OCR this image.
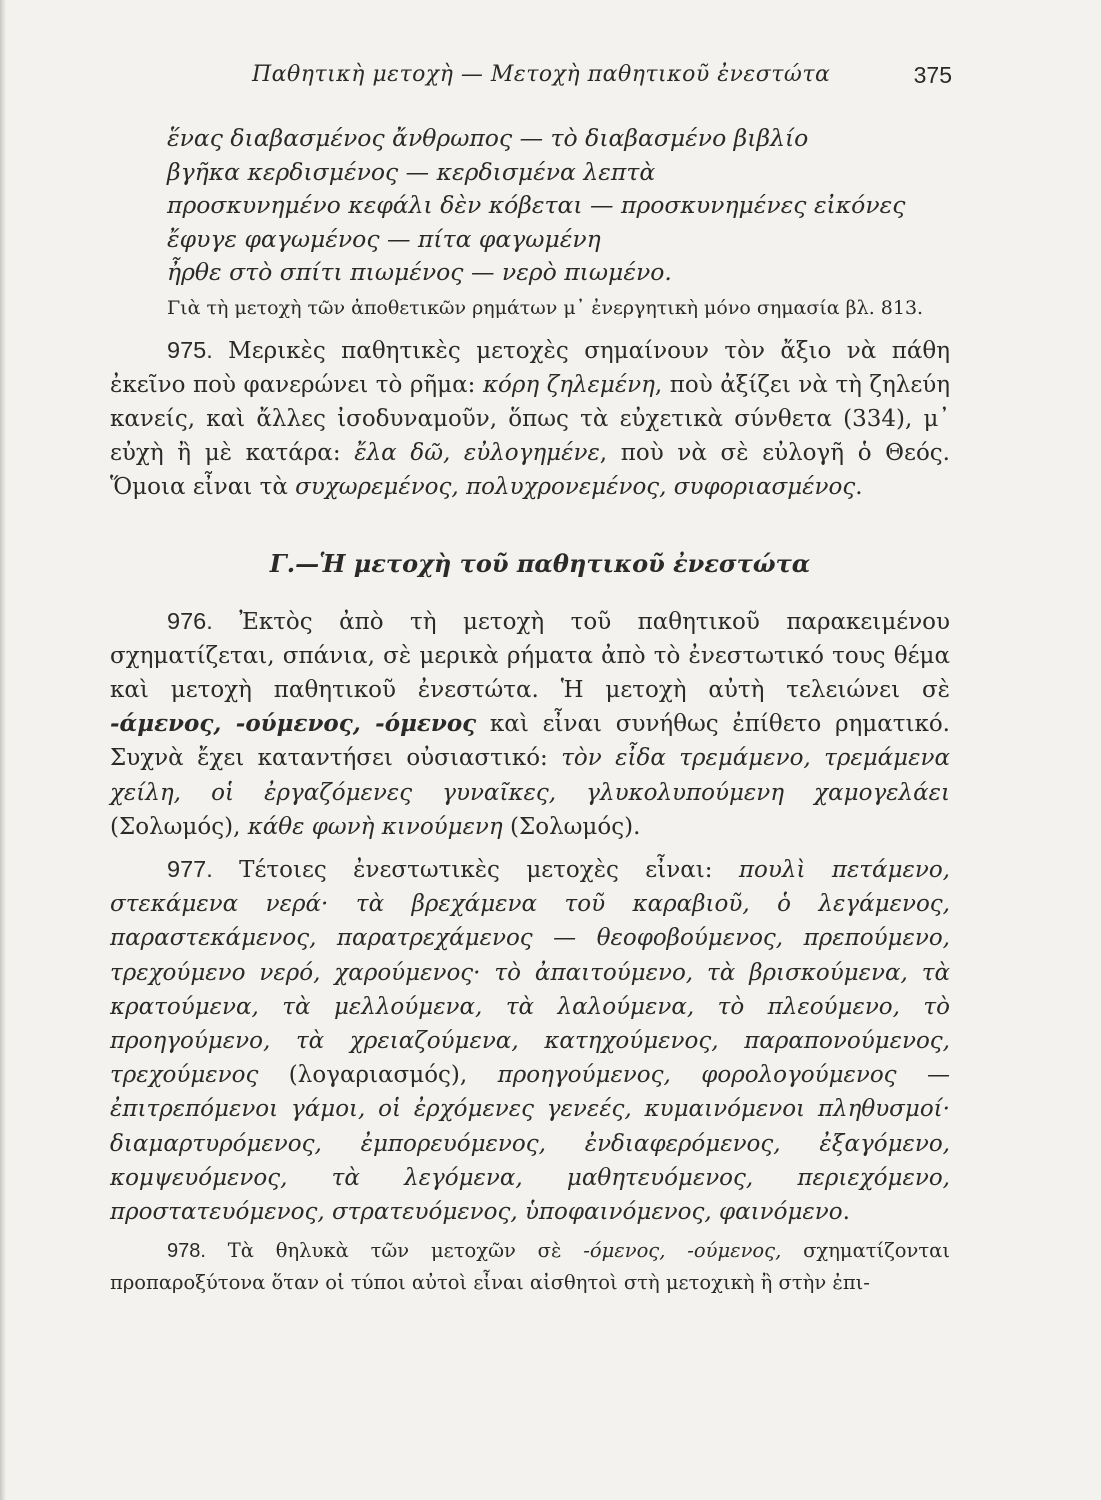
Παθητικὴ μετοχὴ — Μετοχὴ παθητικοῦ ἐνεστώτα	375
ἕνας διαβασμένος ἄνθρωπος — τὸ διαβασμένο βιβλίο
βγῆκα κερδισμένος — κερδισμένα λεπτὰ
προσκυνημένο κεφάλι δὲν κόβεται — προσκυνημένες εἰκόνες
ἔφυγε φαγωμένος — πίτα φαγωμένη
ἦρθε στὸ σπίτι πιωμένος — νερὸ πιωμένο.
Γιὰ τὴ μετοχὴ τῶν ἀποθετικῶν ρημάτων μ᾿ ἐνεργητικὴ μόνο σημασία βλ. 813.
975. Μερικὲς παθητικὲς μετοχὲς σημαίνουν τὸν ἄξιο νὰ πάθη ἐκεῖνο ποὺ φανερώνει τὸ ρῆμα: κόρη ζηλεμένη, ποὺ ἀξίζει νὰ τὴ ζηλεύη κανείς, καὶ ἄλλες ἰσοδυναμοῦν, ὅπως τὰ εὐχετικὰ σύνθετα (334), μ᾿ εὐχὴ ἢ μὲ κατάρα: ἔλα δῶ, εὐλογημένε, ποὺ νὰ σὲ εὐλογῆ ὁ Θεός. Ὅμοια εἶναι τὰ συχωρεμένος, πολυχρονεμένος, συφοριασμένος.
Γ.—Ἡ μετοχὴ τοῦ παθητικοῦ ἐνεστώτα
976. Ἐκτὸς ἀπὸ τὴ μετοχὴ τοῦ παθητικοῦ παρακειμένου σχηματίζεται, σπάνια, σὲ μερικὰ ρήματα ἀπὸ τὸ ἐνεστωτικό τους θέμα καὶ μετοχὴ παθητικοῦ ἐνεστώτα. Ἡ μετοχὴ αὐτὴ τελειώνει σὲ -άμενος, -ούμενος, -όμενος καὶ εἶναι συνήθως ἐπίθετο ρηματικό. Συχνὰ ἔχει καταντήσει οὐσιαστικό: τὸν εἶδα τρεμάμενο, τρεμάμενα χείλη, οἱ ἐργαζόμενες γυναῖκες, γλυκολυπούμενη χαμογελάει (Σολωμός), κάθε φωνὴ κινούμενη (Σολωμός).
977. Τέτοιες ἐνεστωτικὲς μετοχὲς εἶναι: πουλὶ πετάμενο, στεκάμενα νερά· τὰ βρεχάμενα τοῦ καραβιοῦ, ὁ λεγάμενος, παραστεκάμενος, παρατρεχάμενος — θεοφοβούμενος, πρεπούμενο, τρεχούμενο νερό, χαρούμενος· τὸ ἀπαιτούμενο, τὰ βρισκούμενα, τὰ κρατούμενα, τὰ μελλούμενα, τὰ λαλούμενα, τὸ πλεούμενο, τὸ προηγούμενο, τὰ χρειαζούμενα, κατηχούμενος, παραπονούμενος, τρεχούμενος (λογαριασμός), προηγούμενος, φορολογούμενος — ἐπιτρεπόμενοι γάμοι, οἱ ἐρχόμενες γενεές, κυμαινόμενοι πληθυσμοί· διαμαρτυρόμενος, ἐμπορευόμενος, ἐνδιαφερόμενος, ἐξαγόμενο, κομψευόμενος, τὰ λεγόμενα, μαθητευόμενος, περιεχόμενο, προστατευόμενος, στρατευόμενος, ὑποφαινόμενος, φαινόμενο.
978. Τὰ θηλυκὰ τῶν μετοχῶν σὲ -όμενος, -ούμενος, σχηματίζονται προπαροξύτονα ὅταν οἱ τύποι αὐτοὶ εἶναι αἰσθητοὶ στὴ μετοχικὴ ἢ στὴν ἐπι-
